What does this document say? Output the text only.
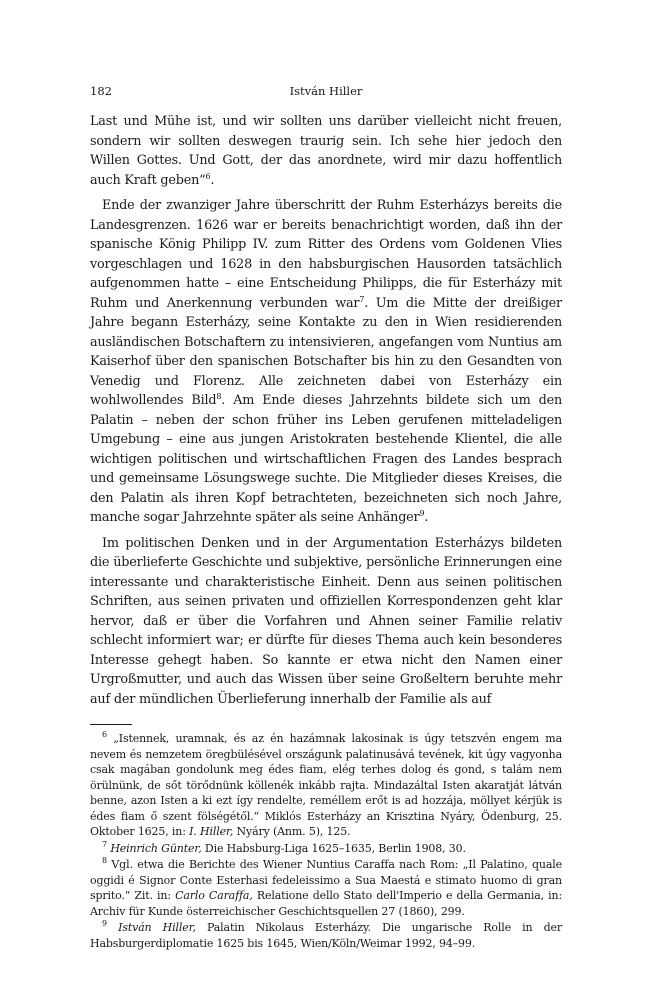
182	István Hiller

Last und Mühe ist, und wir sollten uns darüber vielleicht nicht freuen, sondern wir sollten deswegen traurig sein. Ich sehe hier jedoch den Willen Gottes. Und Gott, der das anordnete, wird mir dazu hoffentlich auch Kraft geben“$^6$.

Ende der zwanziger Jahre überschritt der Ruhm Esterházys bereits die Landesgrenzen. 1626 war er bereits benachrichtigt worden, daß ihn der spanische König Philipp IV. zum Ritter des Ordens vom Goldenen Vlies vorgeschlagen und 1628 in den habsburgischen Hausorden tatsächlich aufgenommen hatte – eine Entscheidung Philipps, die für Esterházy mit Ruhm und Anerkennung verbunden war$^7$. Um die Mitte der dreißiger Jahre begann Esterházy, seine Kontakte zu den in Wien residierenden ausländischen Botschaftern zu intensivieren, angefangen vom Nuntius am Kaiserhof über den spanischen Botschafter bis hin zu den Gesandten von Venedig und Florenz. Alle zeichneten dabei von Esterházy ein wohlwollendes Bild$^8$. Am Ende dieses Jahrzehnts bildete sich um den Palatin – neben der schon früher ins Leben gerufenen mitteladeligen Umgebung – eine aus jungen Aristokraten bestehende Klientel, die alle wichtigen politischen und wirtschaftlichen Fragen des Landes besprach und gemeinsame Lösungswege suchte. Die Mitglieder dieses Kreises, die den Palatin als ihren Kopf betrachteten, bezeichneten sich noch Jahre, manche sogar Jahrzehnte später als seine Anhänger$^9$.

Im politischen Denken und in der Argumentation Esterházys bildeten die überlieferte Geschichte und subjektive, persönliche Erinnerungen eine interessante und charakteristische Einheit. Denn aus seinen politischen Schriften, aus seinen privaten und offiziellen Korrespondenzen geht klar hervor, daß er über die Vorfahren und Ahnen seiner Familie relativ schlecht informiert war; er dürfte für dieses Thema auch kein besonderes Interesse gehegt haben. So kannte er etwa nicht den Namen einer Urgroßmutter, und auch das Wissen über seine Großeltern beruhte mehr auf der mündlichen Überlieferung innerhalb der Familie als auf

$^6$ „Istennek, uramnak, és az én hazámnak lakosinak is úgy tetszvén engem ma nevem és nemzetem öregbülésével országunk palatinusává tevének, kit úgy vagyonha csak magában gondolunk meg édes fiam, elég terhes dolog és gond, s talám nem örülnünk, de sőt törődnünk köllenék inkább rajta. Mindazáltal Isten akaratját látván benne, azon Isten a ki ezt így rendelte, reméllem erőt is ad hozzája, möllyet kérjük is édes fiam ő szent fölségétől.“ Miklós Esterházy an Krisztina Nyáry, Ödenburg, 25. Oktober 1625, in: I. Hiller, Nyáry (Anm. 5), 125.

$^7$ Heinrich Günter, Die Habsburg-Liga 1625–1635, Berlin 1908, 30.

$^8$ Vgl. etwa die Berichte des Wiener Nuntius Caraffa nach Rom: „Il Palatino, quale oggidi é Signor Conte Esterhasi fedeleissimo a Sua Maestá e stimato huomo di gran sprito.“ Zit. in: Carlo Caraffa, Relatione dello Stato dell'Imperio e della Germania, in: Archiv für Kunde österreichischer Geschichtsquellen 27 (1860), 299.

$^9$ István Hiller, Palatin Nikolaus Esterházy. Die ungarische Rolle in der Habsburgerdiplomatie 1625 bis 1645, Wien/Köln/Weimar 1992, 94–99.
